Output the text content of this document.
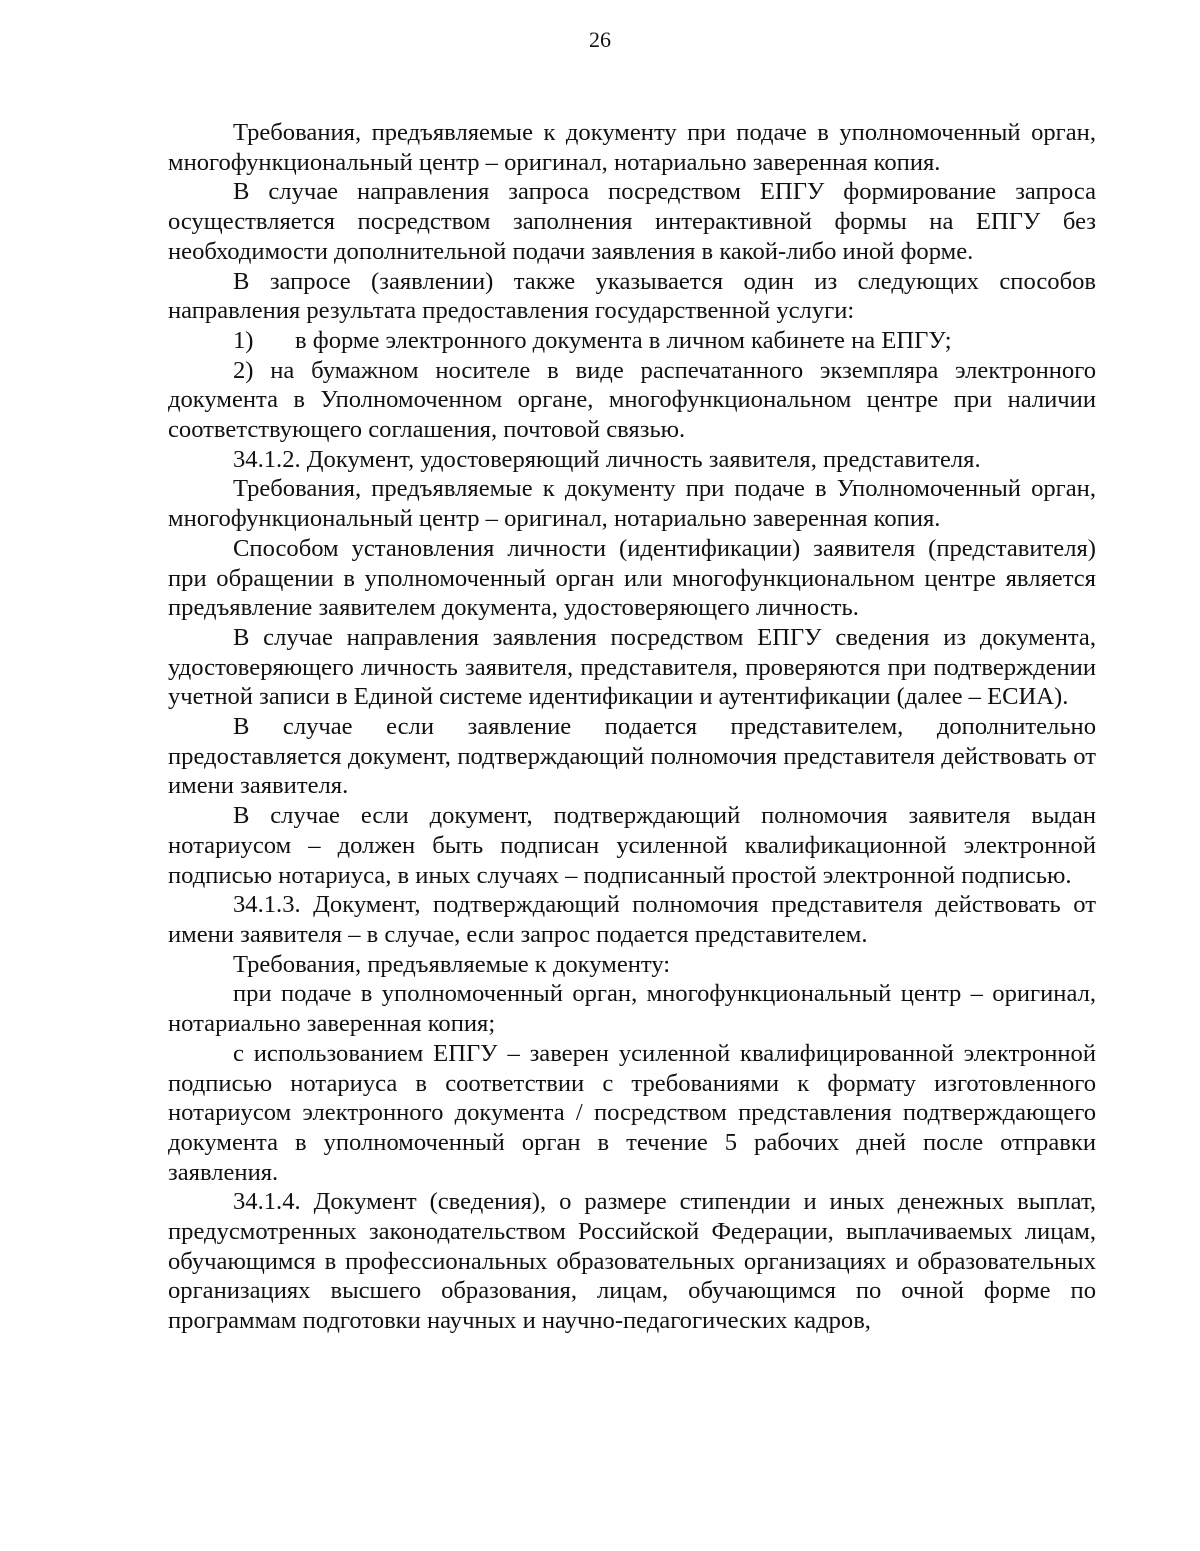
26

Требования, предъявляемые к документу при подаче в уполномоченный орган, многофункциональный центр – оригинал, нотариально заверенная копия.

В случае направления запроса посредством ЕПГУ формирование запроса осуществляется посредством заполнения интерактивной формы на ЕПГУ без необходимости дополнительной подачи заявления в какой-либо иной форме.

В запросе (заявлении) также указывается один из следующих способов направления результата предоставления государственной услуги:

1) в форме электронного документа в личном кабинете на ЕПГУ;

2) на бумажном носителе в виде распечатанного экземпляра электронного документа в Уполномоченном органе, многофункциональном центре при наличии соответствующего соглашения, почтовой связью.

34.1.2. Документ, удостоверяющий личность заявителя, представителя.

Требования, предъявляемые к документу при подаче в Уполномоченный орган, многофункциональный центр – оригинал, нотариально заверенная копия.

Способом установления личности (идентификации) заявителя (представителя) при обращении в уполномоченный орган или многофункциональном центре является предъявление заявителем документа, удостоверяющего личность.

В случае направления заявления посредством ЕПГУ сведения из документа, удостоверяющего личность заявителя, представителя, проверяются при подтверждении учетной записи в Единой системе идентификации и аутентификации (далее – ЕСИА).

В случае если заявление подается представителем, дополнительно предоставляется документ, подтверждающий полномочия представителя действовать от имени заявителя.

В случае если документ, подтверждающий полномочия заявителя выдан нотариусом – должен быть подписан усиленной квалификационной электронной подписью нотариуса, в иных случаях – подписанный простой электронной подписью.

34.1.3. Документ, подтверждающий полномочия представителя действовать от имени заявителя – в случае, если запрос подается представителем.

Требования, предъявляемые к документу:

при подаче в уполномоченный орган, многофункциональный центр – оригинал, нотариально заверенная копия;

с использованием ЕПГУ – заверен усиленной квалифицированной электронной подписью нотариуса в соответствии с требованиями к формату изготовленного нотариусом электронного документа / посредством представления подтверждающего документа в уполномоченный орган в течение 5 рабочих дней после отправки заявления.

34.1.4. Документ (сведения), о размере стипендии и иных денежных выплат, предусмотренных законодательством Российской Федерации, выплачиваемых лицам, обучающимся в профессиональных образовательных организациях и образовательных организациях высшего образования, лицам, обучающимся по очной форме по программам подготовки научных и научно-педагогических кадров,
